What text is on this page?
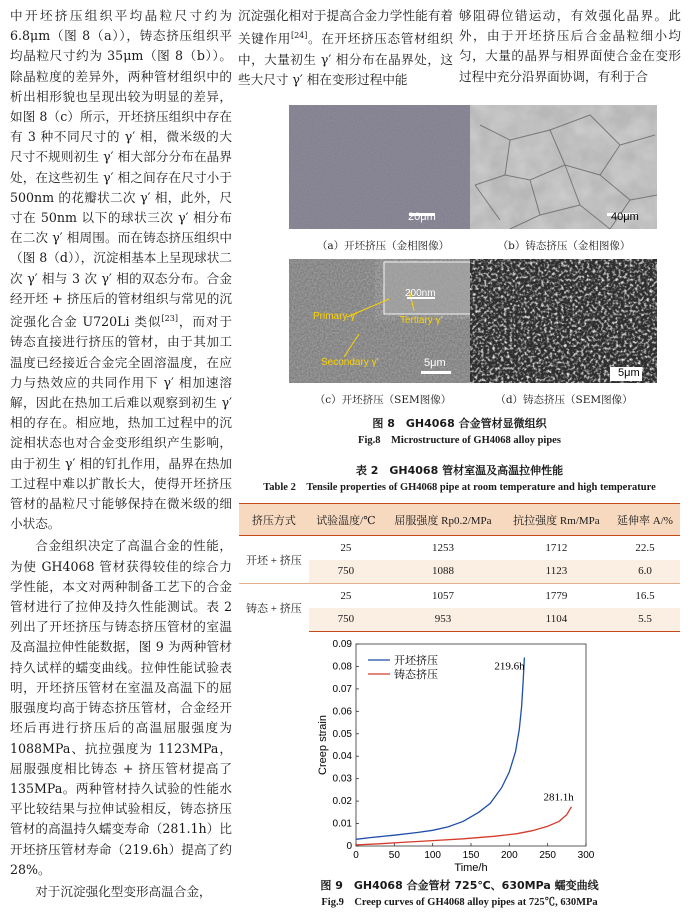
中开坯挤压组织平均晶粒尺寸约为 6.8μm（图 8（a）），铸态挤压组织平均晶粒尺寸约为 35μm（图 8（b））。除晶粒度的差异外，两种管材组织中的析出相形貌也呈现出较为明显的差异，如图 8（c）所示，开坯挤压组织中存在有 3 种不同尺寸的 γ′ 相，微米级的大尺寸不规则初生 γ′ 相大部分分布在晶界处，在这些初生 γ′ 相之间存在尺寸小于 500nm 的花瓣状二次 γ′ 相，此外，尺寸在 50nm 以下的球状三次 γ′ 相分布在二次 γ′ 相周围。而在铸态挤压组织中（图 8（d）），沉淀相基本上呈现球状二次 γ′ 相与 3 次 γ′ 相的双态分布。合金经开坯 + 挤压后的管材组织与常见的沉淀强化合金 U720Li 类似[23]，而对于铸态直接进行挤压的管材，由于其加工温度已经接近合金完全固溶温度，在应力与热效应的共同作用下 γ′ 相加速溶解，因此在热加工后难以观察到初生 γ′ 相的存在。相应地，热加工过程中的沉淀相状态也对合金变形组织产生影响，由于初生 γ′ 相的钉扎作用，晶界在热加工过程中难以扩散长大，使得开坯挤压管材的晶粒尺寸能够保持在微米级的细小状态。

合金组织决定了高温合金的性能，为使 GH4068 管材获得较佳的综合力学性能，本文对两种制备工艺下的合金管材进行了拉伸及持久性能测试。表 2 列出了开坯挤压与铸态挤压管材的室温及高温拉伸性能数据，图 9 为两种管材持久试样的蠕变曲线。拉伸性能试验表明，开坯挤压管材在室温及高温下的屈服强度均高于铸态挤压管材，合金经开坯后再进行挤压后的高温屈服强度为 1088MPa、抗拉强度为 1123MPa，屈服强度相比铸态 + 挤压管材提高了 135MPa。两种管材持久试验的性能水平比较结果与拉伸试验相反，铸态挤压管材的高温持久蠕变寿命（281.1h）比开坯挤压管材寿命（219.6h）提高了约 28%。

对于沉淀强化型变形高温合金，

沉淀强化相对于提高合金力学性能有着关键作用[24]。在开坯挤压态管材组织中，大量初生 γ′ 相分布在晶界处，这些大尺寸 γ′ 相在变形过程中能
够阻碍位错运动，有效强化晶界。此外，由于开坯挤压后合金晶粒细小均匀，大量的晶界与相界面使合金在变形过程中充分沿界面协调，有利于合
20μm
（a）开坯挤压（金相图像）
40μm
（b）铸态挤压（金相图像）
200nm
Primary γ′	Tertiary γ′
Secondary γ′	5μm
（c）开坯挤压（SEM图像）
5μm
（d）铸态挤压（SEM图像）
图 8　GH4068 合金管材显微组织
Fig.8　Microstructure of GH4068 alloy pipes
表 2　GH4068 管材室温及高温拉伸性能
Table 2　Tensile properties of GH4068 pipe at room temperature and high temperature
挤压方式	试验温度/℃	屈服强度 Rp0.2/MPa	抗拉强度 Rm/MPa	延伸率 A/%
开坯 + 挤压	25	1253	1712	22.5
	750	1088	1123	6.0
铸态 + 挤压	25	1057	1779	16.5
	750	953	1104	5.5
0	50 100 150 200 250 300
0
0.01
0.02
0.03
0.04
0.05
0.06
0.07
0.08
0.09
Time/h
Creep strain
219.6h
开坯挤压
281.1h
铸态挤压
图 9　GH4068 合金管材 725℃、630MPa 蠕变曲线
Fig.9　Creep curves of GH4068 alloy pipes at 725℃, 630MPa
